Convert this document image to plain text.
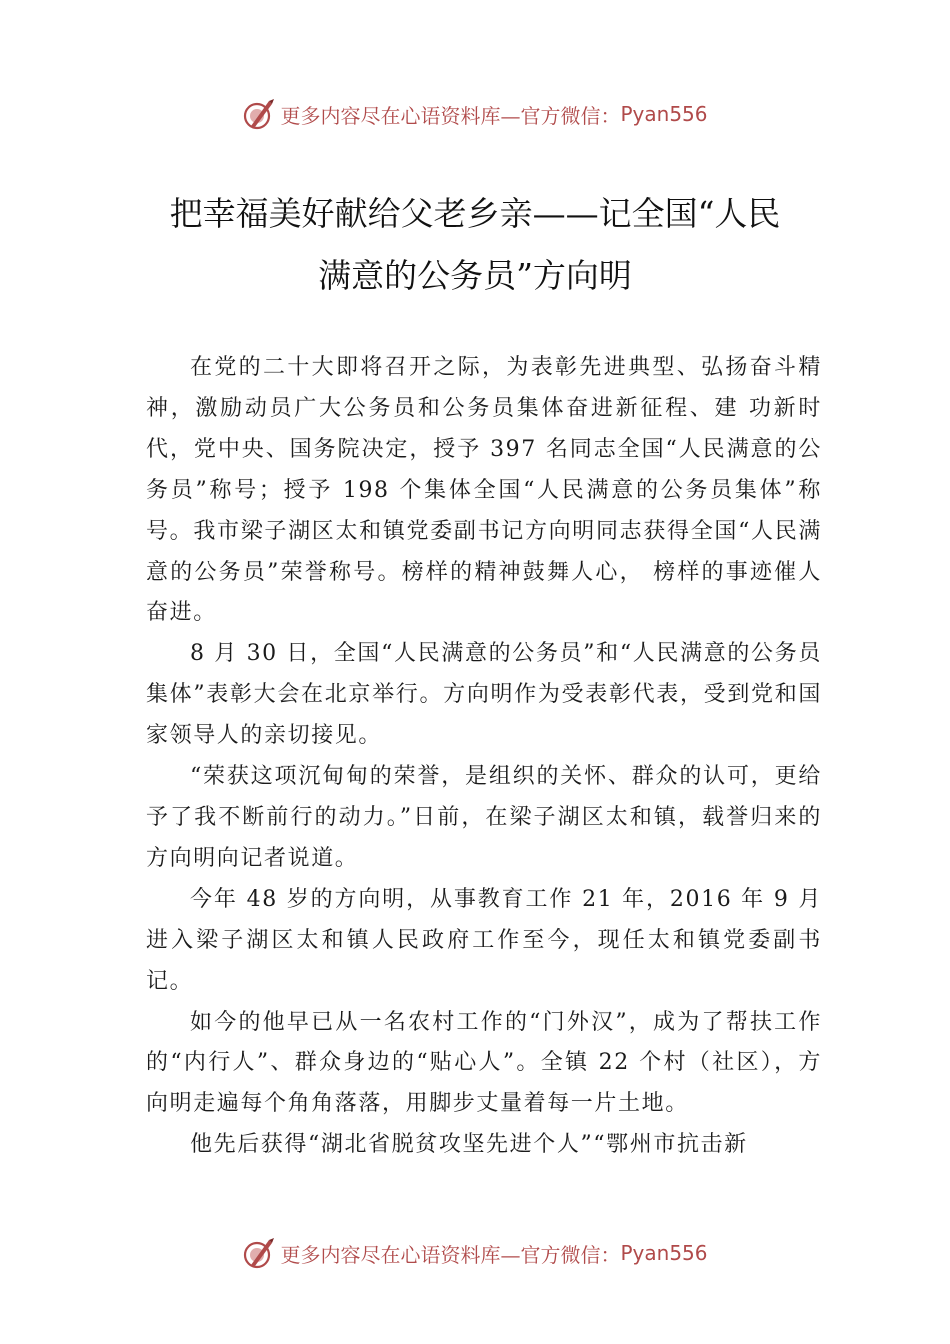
更多内容尽在心语资料库—官方微信： Pyan556
把幸福美好献给父老乡亲——记全国“人民
满意的公务员”方向明

在党的二十大即将召开之际，为表彰先进典型、弘扬奋斗精神，激励动员广大公务员和公务员集体奋进新征程、建 功新时代，党中央、国务院决定，授予 397 名同志全国“人民满意的公务员”称号；授予 198 个集体全国“人民满意的公务员集体”称号。我市梁子湖区太和镇党委副书记方向明同志获得全国“人民满意的公务员”荣誉称号。榜样的精神鼓舞人心， 榜样的事迹催人奋进。

8 月 30 日，全国“人民满意的公务员”和“人民满意的公务员集体”表彰大会在北京举行。方向明作为受表彰代表，受到党和国家领导人的亲切接见。

“荣获这项沉甸甸的荣誉，是组织的关怀、群众的认可，更给予了我不断前行的动力。”日前，在梁子湖区太和镇，载誉归来的方向明向记者说道。

今年 48 岁的方向明，从事教育工作 21 年，2016 年 9 月进入梁子湖区太和镇人民政府工作至今，现任太和镇党委副书记。

如今的他早已从一名农村工作的“门外汉”，成为了帮扶工作的“内行人”、群众身边的“贴心人”。全镇 22 个村（社区），方向明走遍每个角角落落，用脚步丈量着每一片土地。

他先后获得“湖北省脱贫攻坚先进个人”“鄂州市抗击新

更多内容尽在心语资料库—官方微信： Pyan556
